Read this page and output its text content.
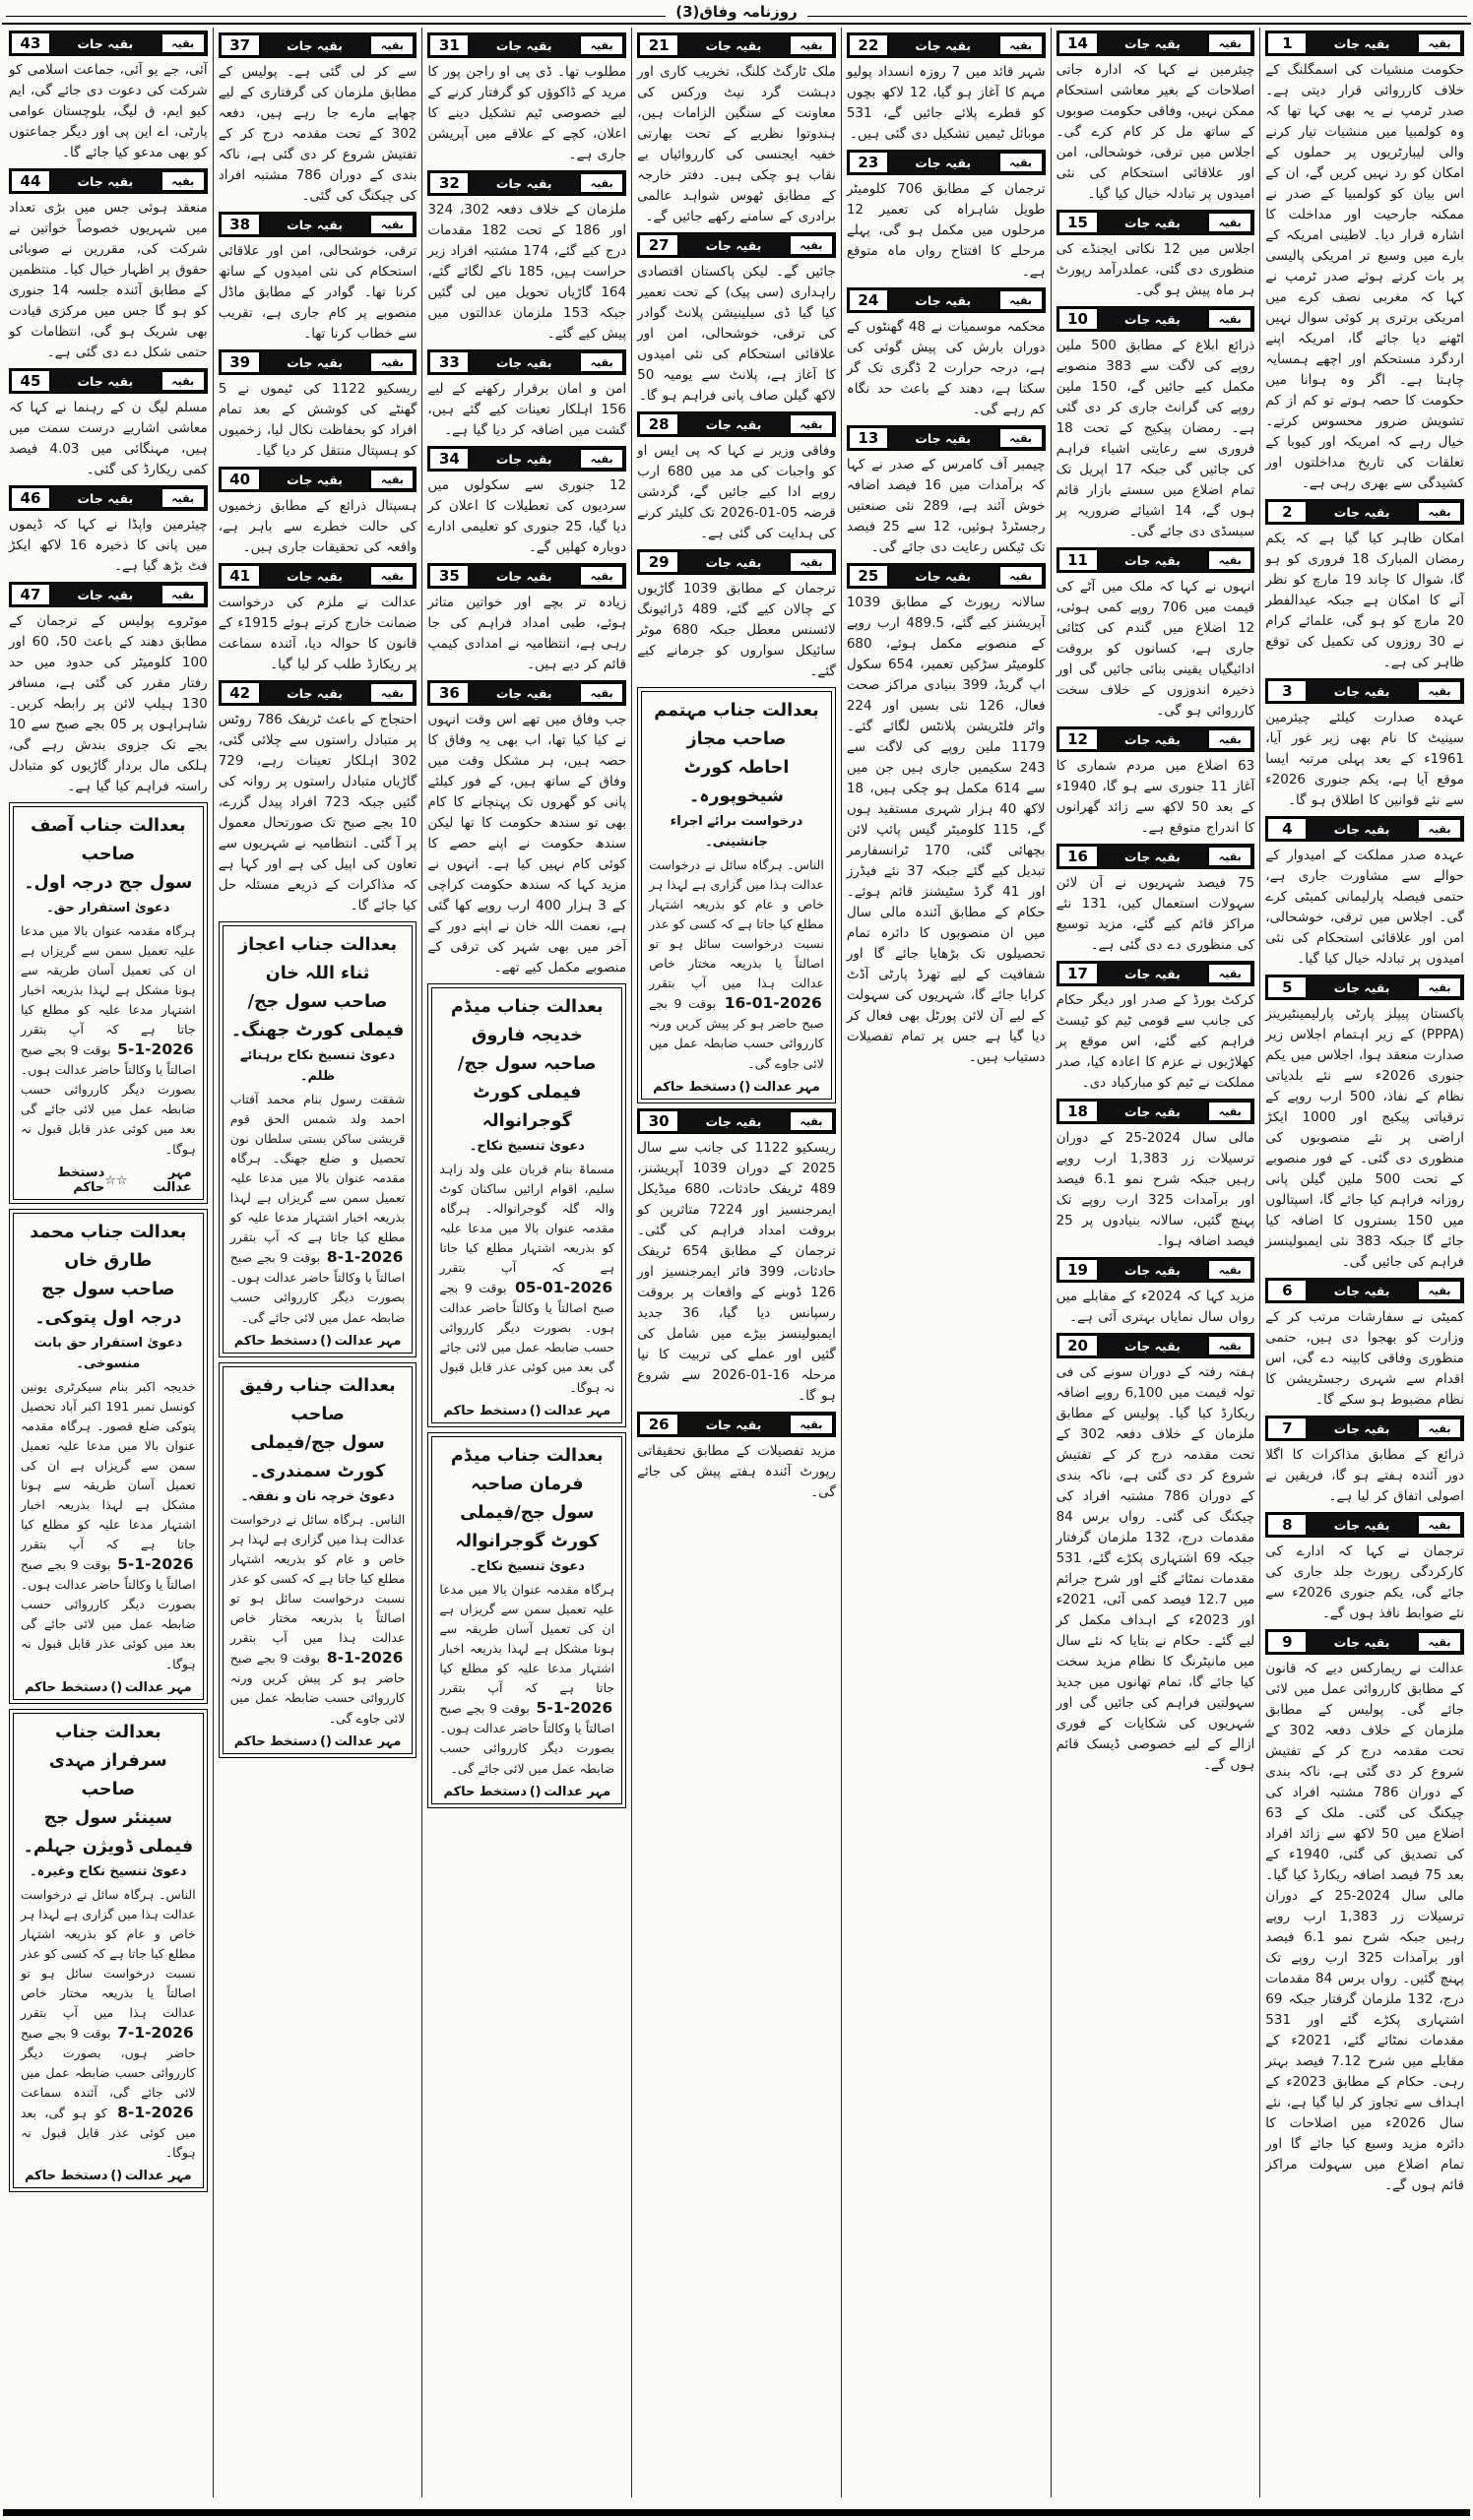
روزنامہ وفاق(3)
1	بقیہ جات	بقیہ

حکومت منشیات کی اسمگلنگ کے خلاف کارروائی قرار دیتی ہے۔ صدر ٹرمپ نے یہ بھی کہا تھا کہ وہ کولمبیا میں منشیات تیار کرنے والی لیبارٹریوں پر حملوں کے امکان کو رد نہیں کریں گے، ان کے اس بیان کو کولمبیا کے صدر نے ممکنہ جارحیت اور مداخلت کا اشارہ قرار دیا۔ لاطینی امریکہ کے بارے میں وسیع تر امریکی پالیسی پر بات کرتے ہوئے صدر ٹرمپ نے کہا کہ مغربی نصف کرے میں امریکی برتری پر کوئی سوال نہیں اٹھنے دیا جائے گا، امریکہ اپنے اردگرد مستحکم اور اچھے ہمسایہ چاہتا ہے۔ اگر وہ ہوانا میں حکومت کا حصہ ہوتے تو کم از کم تشویش ضرور محسوس کرتے۔ خیال رہے کہ امریکہ اور کیوبا کے تعلقات کی تاریخ مداخلتوں اور کشیدگی سے بھری رہی ہے۔

2	بقیہ جات	بقیہ

امکان ظاہر کیا گیا ہے کہ یکم رمضان المبارک 18 فروری کو ہو گا، شوال کا چاند 19 مارچ کو نظر آنے کا امکان ہے جبکہ عیدالفطر 20 مارچ کو ہو گی، علمائے کرام نے 30 روزوں کی تکمیل کی توقع ظاہر کی ہے۔

3	بقیہ جات	بقیہ

عہدہ صدارت کیلئے چیئرمین سینیٹ کا نام بھی زیر غور آیا، 1961ء کے بعد پہلی مرتبہ ایسا موقع آیا ہے، یکم جنوری 2026ء سے نئے قوانین کا اطلاق ہو گا۔

4	بقیہ جات	بقیہ

عہدہ صدر مملکت کے امیدوار کے حوالے سے مشاورت جاری ہے، حتمی فیصلہ پارلیمانی کمیٹی کرے گی۔ اجلاس میں ترقی، خوشحالی، امن اور علاقائی استحکام کی نئی امیدوں پر تبادلہ خیال کیا گیا۔

5	بقیہ جات	بقیہ

پاکستان پیپلز پارٹی پارلیمینٹیرینز (PPPA) کے زیر اہتمام اجلاس زیر صدارت منعقد ہوا، اجلاس میں یکم جنوری 2026ء سے نئے بلدیاتی نظام کے نفاذ، 500 ارب روپے کے ترقیاتی پیکیج اور 1000 ایکڑ اراضی پر نئے منصوبوں کی منظوری دی گئی۔ کے فور منصوبے کے تحت 500 ملین گیلن پانی روزانہ فراہم کیا جائے گا، اسپتالوں میں 150 بستروں کا اضافہ کیا جائے گا جبکہ 383 نئی ایمبولینسز فراہم کی جائیں گی۔

6	بقیہ جات	بقیہ

کمیٹی نے سفارشات مرتب کر کے وزارت کو بھجوا دی ہیں، حتمی منظوری وفاقی کابینہ دے گی، اس اقدام سے شہری رجسٹریشن کا نظام مضبوط ہو سکے گا۔

7	بقیہ جات	بقیہ

ذرائع کے مطابق مذاکرات کا اگلا دور آئندہ ہفتے ہو گا، فریقین نے اصولی اتفاق کر لیا ہے۔

8	بقیہ جات	بقیہ

ترجمان نے کہا کہ ادارے کی کارکردگی رپورٹ جلد جاری کی جائے گی، یکم جنوری 2026ء سے نئے ضوابط نافذ ہوں گے۔

9	بقیہ جات	بقیہ

عدالت نے ریمارکس دیے کہ قانون کے مطابق کارروائی عمل میں لائی جائے گی۔ پولیس کے مطابق ملزمان کے خلاف دفعہ 302 کے تحت مقدمہ درج کر کے تفتیش شروع کر دی گئی ہے، ناکہ بندی کے دوران 786 مشتبہ افراد کی چیکنگ کی گئی۔ ملک کے 63 اضلاع میں 50 لاکھ سے زائد افراد کی تصدیق کی گئی، 1940ء کے بعد 75 فیصد اضافہ ریکارڈ کیا گیا۔ مالی سال 2024-25 کے دوران ترسیلات زر 1,383 ارب روپے رہیں جبکہ شرح نمو 6.1 فیصد اور برآمدات 325 ارب روپے تک پہنچ گئیں۔ رواں برس 84 مقدمات درج، 132 ملزمان گرفتار جبکہ 69 اشتہاری پکڑے گئے اور 531 مقدمات نمٹائے گئے، 2021ء کے مقابلے میں شرح 7.12 فیصد بہتر رہی۔ حکام کے مطابق 2023ء کے اہداف سے تجاوز کر لیا گیا ہے، نئے سال 2026ء میں اصلاحات کا دائرہ مزید وسیع کیا جائے گا اور تمام اضلاع میں سہولت مراکز قائم ہوں گے۔

14	بقیہ جات	بقیہ

چیئرمین نے کہا کہ ادارہ جاتی اصلاحات کے بغیر معاشی استحکام ممکن نہیں، وفاقی حکومت صوبوں کے ساتھ مل کر کام کرے گی۔ اجلاس میں ترقی، خوشحالی، امن اور علاقائی استحکام کی نئی امیدوں پر تبادلہ خیال کیا گیا۔

15	بقیہ جات	بقیہ

اجلاس میں 12 نکاتی ایجنڈے کی منظوری دی گئی، عملدرآمد رپورٹ ہر ماہ پیش ہو گی۔

10	بقیہ جات	بقیہ

ذرائع ابلاغ کے مطابق 500 ملین روپے کی لاگت سے 383 منصوبے مکمل کیے جائیں گے، 150 ملین روپے کی گرانٹ جاری کر دی گئی ہے۔ رمضان پیکیج کے تحت 18 فروری سے رعایتی اشیاء فراہم کی جائیں گی جبکہ 17 اپریل تک تمام اضلاع میں سستے بازار قائم ہوں گے، 14 اشیائے ضروریہ پر سبسڈی دی جائے گی۔

11	بقیہ جات	بقیہ

انہوں نے کہا کہ ملک میں آٹے کی قیمت میں 706 روپے کمی ہوئی، 12 اضلاع میں گندم کی کٹائی جاری ہے، کسانوں کو بروقت ادائیگیاں یقینی بنائی جائیں گی اور ذخیرہ اندوزوں کے خلاف سخت کارروائی ہو گی۔

12	بقیہ جات	بقیہ

63 اضلاع میں مردم شماری کا آغاز 11 جنوری سے ہو گا، 1940ء کے بعد 50 لاکھ سے زائد گھرانوں کا اندراج متوقع ہے۔

16	بقیہ جات	بقیہ

75 فیصد شہریوں نے آن لائن سہولات استعمال کیں، 131 نئے مراکز قائم کیے گئے، مزید توسیع کی منظوری دے دی گئی ہے۔

17	بقیہ جات	بقیہ

کرکٹ بورڈ کے صدر اور دیگر حکام کی جانب سے قومی ٹیم کو ٹیسٹ فراہم کیے گئے، اس موقع پر کھلاڑیوں نے عزم کا اعادہ کیا، صدر مملکت نے ٹیم کو مبارکباد دی۔

18	بقیہ جات	بقیہ

مالی سال 2024-25 کے دوران ترسیلات زر 1,383 ارب روپے رہیں جبکہ شرح نمو 6.1 فیصد اور برآمدات 325 ارب روپے تک پہنچ گئیں، سالانہ بنیادوں پر 25 فیصد اضافہ ہوا۔

19	بقیہ جات	بقیہ

مزید کہا کہ 2024ء کے مقابلے میں رواں سال نمایاں بہتری آئی ہے۔

20	بقیہ جات	بقیہ

ہفتہ رفتہ کے دوران سونے کی فی تولہ قیمت میں 6,100 روپے اضافہ ریکارڈ کیا گیا۔ پولیس کے مطابق ملزمان کے خلاف دفعہ 302 کے تحت مقدمہ درج کر کے تفتیش شروع کر دی گئی ہے، ناکہ بندی کے دوران 786 مشتبہ افراد کی چیکنگ کی گئی۔ رواں برس 84 مقدمات درج، 132 ملزمان گرفتار جبکہ 69 اشتہاری پکڑے گئے، 531 مقدمات نمٹائے گئے اور شرح جرائم میں 12.7 فیصد کمی آئی، 2021ء اور 2023ء کے اہداف مکمل کر لیے گئے۔ حکام نے بتایا کہ نئے سال میں مانیٹرنگ کا نظام مزید سخت کیا جائے گا، تمام تھانوں میں جدید سہولتیں فراہم کی جائیں گی اور شہریوں کی شکایات کے فوری ازالے کے لیے خصوصی ڈیسک قائم ہوں گے۔

22	بقیہ جات	بقیہ

شہر قائد میں 7 روزہ انسداد پولیو مہم کا آغاز ہو گیا، 12 لاکھ بچوں کو قطرے پلائے جائیں گے، 531 موبائل ٹیمیں تشکیل دی گئی ہیں۔

23	بقیہ جات	بقیہ

ترجمان کے مطابق 706 کلومیٹر طویل شاہراہ کی تعمیر 12 مرحلوں میں مکمل ہو گی، پہلے مرحلے کا افتتاح رواں ماہ متوقع ہے۔

24	بقیہ جات	بقیہ

محکمہ موسمیات نے 48 گھنٹوں کے دوران بارش کی پیش گوئی کی ہے، درجہ حرارت 2 ڈگری تک گر سکتا ہے، دھند کے باعث حد نگاہ کم رہے گی۔

13	بقیہ جات	بقیہ

چیمبر آف کامرس کے صدر نے کہا کہ برآمدات میں 16 فیصد اضافہ خوش آئند ہے، 289 نئی صنعتیں رجسٹرڈ ہوئیں، 12 سے 25 فیصد تک ٹیکس رعایت دی جائے گی۔

25	بقیہ جات	بقیہ

سالانہ رپورٹ کے مطابق 1039 آپریشنز کیے گئے، 489.5 ارب روپے کے منصوبے مکمل ہوئے، 680 کلومیٹر سڑکیں تعمیر، 654 سکول اپ گریڈ، 399 بنیادی مراکز صحت فعال، 126 نئی بسیں اور 224 واٹر فلٹریشن پلانٹس لگائے گئے۔ 1179 ملین روپے کی لاگت سے 243 سکیمیں جاری ہیں جن میں سے 614 مکمل ہو چکی ہیں، 18 لاکھ 40 ہزار شہری مستفید ہوں گے، 115 کلومیٹر گیس پائپ لائن بچھائی گئی، 170 ٹرانسفارمر تبدیل کیے گئے جبکہ 37 نئے فیڈرز اور 41 گرڈ سٹیشنز قائم ہوئے۔ حکام کے مطابق آئندہ مالی سال میں ان منصوبوں کا دائرہ تمام تحصیلوں تک بڑھایا جائے گا اور شفافیت کے لیے تھرڈ پارٹی آڈٹ کرایا جائے گا، شہریوں کی سہولت کے لیے آن لائن پورٹل بھی فعال کر دیا گیا ہے جس پر تمام تفصیلات دستیاب ہیں۔

21	بقیہ جات	بقیہ

ملک ٹارگٹ کلنگ، تخریب کاری اور دہشت گرد نیٹ ورکس کی معاونت کے سنگین الزامات ہیں، ہندوتوا نظریے کے تحت بھارتی خفیہ ایجنسی کی کارروائیاں بے نقاب ہو چکی ہیں۔ دفتر خارجہ کے مطابق ٹھوس شواہد عالمی برادری کے سامنے رکھے جائیں گے۔

27	بقیہ جات	بقیہ

جائیں گے۔ لیکن پاکستان اقتصادی راہداری (سی پیک) کے تحت تعمیر کیا گیا ڈی سیلینیشن پلانٹ گوادر کی ترقی، خوشحالی، امن اور علاقائی استحکام کی نئی امیدوں کا آغاز ہے، پلانٹ سے یومیہ 50 لاکھ گیلن صاف پانی فراہم ہو گا۔

28	بقیہ جات	بقیہ

وفاقی وزیر نے کہا کہ پی ایس او کو واجبات کی مد میں 680 ارب روپے ادا کیے جائیں گے، گردشی قرضہ 05-01-2026 تک کلیئر کرنے کی ہدایت کی گئی ہے۔

29	بقیہ جات	بقیہ

ترجمان کے مطابق 1039 گاڑیوں کے چالان کیے گئے، 489 ڈرائیونگ لائسنس معطل جبکہ 680 موٹر سائیکل سواروں کو جرمانے کیے گئے۔

بعدالت جناب مہتمم صاحب مجاز
احاطہ کورٹ شیخوپورہ۔
درخواست برائے اجراء جانشینی۔

الناس۔ ہرگاہ سائل نے درخواست عدالت ہذا میں گزاری ہے لہذا ہر خاص و عام کو بذریعہ اشتہار مطلع کیا جاتا ہے کہ کسی کو عذر نسبت درخواست سائل ہو تو اصالتاً یا بذریعہ مختار خاص عدالت ہذا میں آپ بتقرر 16-01-2026 بوقت 9 بجے صبح حاضر ہو کر پیش کریں ورنہ کارروائی حسب ضابطہ عمل میں لائی جاوے گی۔

مہر عدالت
()
دستخط حاکم
30	بقیہ جات	بقیہ

ریسکیو 1122 کی جانب سے سال 2025 کے دوران 1039 آپریشنز، 489 ٹریفک حادثات، 680 میڈیکل ایمرجنسیز اور 7224 متاثرین کو بروقت امداد فراہم کی گئی۔ ترجمان کے مطابق 654 ٹریفک حادثات، 399 فائر ایمرجنسیز اور 126 ڈوبنے کے واقعات پر بروقت رسپانس دیا گیا، 36 جدید ایمبولینسز بیڑے میں شامل کی گئیں اور عملے کی تربیت کا نیا مرحلہ 16-01-2026 سے شروع ہو گا۔

26	بقیہ جات	بقیہ

مزید تفصیلات کے مطابق تحقیقاتی رپورٹ آئندہ ہفتے پیش کی جائے گی۔

31	بقیہ جات	بقیہ

مطلوب تھا۔ ڈی پی او راجن پور کا مرید کے ڈاکوؤں کو گرفتار کرنے کے لیے خصوصی ٹیم تشکیل دینے کا اعلان، کچے کے علاقے میں آپریشن جاری ہے۔

32	بقیہ جات	بقیہ

ملزمان کے خلاف دفعہ 302، 324 اور 186 کے تحت 182 مقدمات درج کیے گئے، 174 مشتبہ افراد زیر حراست ہیں، 185 ناکے لگائے گئے، 164 گاڑیاں تحویل میں لی گئیں جبکہ 153 ملزمان عدالتوں میں پیش کیے گئے۔

33	بقیہ جات	بقیہ

امن و امان برقرار رکھنے کے لیے 156 اہلکار تعینات کیے گئے ہیں، گشت میں اضافہ کر دیا گیا ہے۔

34	بقیہ جات	بقیہ

12 جنوری سے سکولوں میں سردیوں کی تعطیلات کا اعلان کر دیا گیا، 25 جنوری کو تعلیمی ادارے دوبارہ کھلیں گے۔

35	بقیہ جات	بقیہ

زیادہ تر بچے اور خواتین متاثر ہوئے، طبی امداد فراہم کی جا رہی ہے، انتظامیہ نے امدادی کیمپ قائم کر دیے ہیں۔

36	بقیہ جات	بقیہ

جب وفاق میں تھے اس وقت انہوں نے کیا کیا تھا، اب بھی یہ وفاق کا حصہ ہیں، ہر مشکل وقت میں وفاق کے ساتھ ہیں، کے فور کیلئے پانی کو گھروں تک پہنچانے کا کام بھی تو سندھ حکومت کا تھا لیکن سندھ حکومت نے اپنے حصے کا کوئی کام نہیں کیا ہے۔ انہوں نے مزید کہا کہ سندھ حکومت کراچی کے 3 ہزار 400 ارب روپے کھا گئی ہے، نعمت اللہ خان نے اپنے دور کے آخر میں بھی شہر کی ترقی کے منصوبے مکمل کیے تھے۔

بعدالت جناب میڈم خدیجہ فاروق
صاحبہ سول جج/فیملی کورٹ گوجرانوالہ
دعویٰ تنسیخ نکاح۔

مسماۃ بنام قربان علی ولد زاہد سلیم، اقوام ارائیں ساکنان کوٹ والہ گلہ گوجرانوالہ۔ ہرگاہ مقدمہ عنوان بالا میں مدعا علیہ کو بذریعہ اشتہار مطلع کیا جاتا ہے کہ آپ بتقرر 05-01-2026 بوقت 9 بجے صبح اصالتاً یا وکالتاً حاضر عدالت ہوں۔ بصورت دیگر کارروائی حسب ضابطہ عمل میں لائی جائے گی بعد میں کوئی عذر قابل قبول نہ ہوگا۔

مہر عدالت
()
دستخط حاکم
بعدالت جناب میڈم فرمان صاحبہ
سول جج/فیملی کورٹ گوجرانوالہ
دعویٰ تنسیخ نکاح۔

ہرگاہ مقدمہ عنوان بالا میں مدعا علیہ تعمیل سمن سے گریزاں ہے ان کی تعمیل آسان طریقہ سے ہونا مشکل ہے لہذا بذریعہ اخبار اشتہار مدعا علیہ کو مطلع کیا جاتا ہے کہ آپ بتقرر 5-1-2026 بوقت 9 بجے صبح اصالتاً یا وکالتاً حاضر عدالت ہوں۔ بصورت دیگر کارروائی حسب ضابطہ عمل میں لائی جائے گی۔

مہر عدالت
()
دستخط حاکم

37	بقیہ جات	بقیہ

سے کر لی گئی ہے۔ پولیس کے مطابق ملزمان کی گرفتاری کے لیے چھاپے مارے جا رہے ہیں، دفعہ 302 کے تحت مقدمہ درج کر کے تفتیش شروع کر دی گئی ہے، ناکہ بندی کے دوران 786 مشتبہ افراد کی چیکنگ کی گئی۔

38	بقیہ جات	بقیہ

ترقی، خوشحالی، امن اور علاقائی استحکام کی نئی امیدوں کے ساتھ کرنا تھا۔ گوادر کے مطابق ماڈل منصوبے پر کام جاری ہے، تقریب سے خطاب کرنا تھا۔

39	بقیہ جات	بقیہ

ریسکیو 1122 کی ٹیموں نے 5 گھنٹے کی کوشش کے بعد تمام افراد کو بحفاظت نکال لیا، زخمیوں کو ہسپتال منتقل کر دیا گیا۔

40	بقیہ جات	بقیہ

ہسپتال ذرائع کے مطابق زخمیوں کی حالت خطرے سے باہر ہے، واقعہ کی تحقیقات جاری ہیں۔

41	بقیہ جات	بقیہ

عدالت نے ملزم کی درخواست ضمانت خارج کرتے ہوئے 1915ء کے قانون کا حوالہ دیا، آئندہ سماعت پر ریکارڈ طلب کر لیا گیا۔

42	بقیہ جات	بقیہ

احتجاج کے باعث ٹریفک 786 روٹس پر متبادل راستوں سے چلائی گئی، 302 اہلکار تعینات رہے، 729 گاڑیاں متبادل راستوں پر روانہ کی گئیں جبکہ 723 افراد پیدل گزرے، 10 بجے صبح تک صورتحال معمول پر آ گئی۔ انتظامیہ نے شہریوں سے تعاون کی اپیل کی ہے اور کہا ہے کہ مذاکرات کے ذریعے مسئلہ حل کیا جائے گا۔

بعدالت جناب اعجاز ثناء اللہ خان
صاحب سول جج/فیملی کورٹ جھنگ۔
دعویٰ تنسیخ نکاح برہنائے ظلم۔

شفقت رسول بنام محمد آفتاب احمد ولد شمس الحق قوم قریشی ساکن بستی سلطان نون تحصیل و ضلع جھنگ۔ ہرگاہ مقدمہ عنوان بالا میں مدعا علیہ تعمیل سمن سے گریزاں ہے لہذا بذریعہ اخبار اشتہار مدعا علیہ کو مطلع کیا جاتا ہے کہ آپ بتقرر 8-1-2026 بوقت 9 بجے صبح اصالتاً یا وکالتاً حاضر عدالت ہوں۔ بصورت دیگر کارروائی حسب ضابطہ عمل میں لائی جائے گی۔

مہر عدالت
()
دستخط حاکم
بعدالت جناب رفیق صاحب
سول جج/فیملی کورٹ سمندری۔
دعویٰ خرچہ نان و نفقہ۔

الناس۔ ہرگاہ سائل نے درخواست عدالت ہذا میں گزاری ہے لہذا ہر خاص و عام کو بذریعہ اشتہار مطلع کیا جاتا ہے کہ کسی کو عذر نسبت درخواست سائل ہو تو اصالتاً یا بذریعہ مختار خاص عدالت ہذا میں آپ بتقرر 8-1-2026 بوقت 9 بجے صبح حاضر ہو کر پیش کریں ورنہ کارروائی حسب ضابطہ عمل میں لائی جاوے گی۔

مہر عدالت
()
دستخط حاکم
43	بقیہ جات	بقیہ

آئی، جے یو آئی، جماعت اسلامی کو شرکت کی دعوت دی جائے گی، ایم کیو ایم، ق لیگ، بلوچستان عوامی پارٹی، اے این پی اور دیگر جماعتوں کو بھی مدعو کیا جائے گا۔

44	بقیہ جات	بقیہ

منعقد ہوئی جس میں بڑی تعداد میں شہریوں خصوصاً خواتین نے شرکت کی، مقررین نے صوبائی حقوق پر اظہار خیال کیا۔ منتظمین کے مطابق آئندہ جلسہ 14 جنوری کو ہو گا جس میں مرکزی قیادت بھی شریک ہو گی، انتظامات کو حتمی شکل دے دی گئی ہے۔

45	بقیہ جات	بقیہ

مسلم لیگ ن کے رہنما نے کہا کہ معاشی اشاریے درست سمت میں ہیں، مہنگائی میں 4.03 فیصد کمی ریکارڈ کی گئی۔

46	بقیہ جات	بقیہ

چیئرمین واپڈا نے کہا کہ ڈیموں میں پانی کا ذخیرہ 16 لاکھ ایکڑ فٹ بڑھ گیا ہے۔

47	بقیہ جات	بقیہ

موٹروے پولیس کے ترجمان کے مطابق دھند کے باعث 50، 60 اور 100 کلومیٹر کی حدود میں حد رفتار مقرر کی گئی ہے، مسافر 130 ہیلپ لائن پر رابطہ کریں۔ شاہراہوں پر 05 بجے صبح سے 10 بجے تک جزوی بندش رہے گی، ہلکی مال بردار گاڑیوں کو متبادل راستہ فراہم کیا گیا ہے۔

بعدالت جناب آصف صاحب
سول جج درجہ اول۔
دعویٰ استقرار حق۔

ہرگاہ مقدمہ عنوان بالا میں مدعا علیہ تعمیل سمن سے گریزاں ہے ان کی تعمیل آسان طریقہ سے ہونا مشکل ہے لہذا بذریعہ اخبار اشتہار مدعا علیہ کو مطلع کیا جاتا ہے کہ آپ بتقرر 5-1-2026 بوقت 9 بجے صبح اصالتاً یا وکالتاً حاضر عدالت ہوں۔ بصورت دیگر کارروائی حسب ضابطہ عمل میں لائی جائے گی بعد میں کوئی عذر قابل قبول نہ ہوگا۔

مہر عدالت
☆☆
دستخط حاکم
بعدالت جناب محمد طارق خاں
صاحب سول جج درجہ اول پتوکی۔
دعویٰ استقرار حق بابت منسوخی۔

خدیجہ اکبر بنام سیکرٹری یونین کونسل نمبر 191 اکبر آباد تحصیل پتوکی ضلع قصور۔ ہرگاہ مقدمہ عنوان بالا میں مدعا علیہ تعمیل سمن سے گریزاں ہے ان کی تعمیل آسان طریقہ سے ہونا مشکل ہے لہذا بذریعہ اخبار اشتہار مدعا علیہ کو مطلع کیا جاتا ہے کہ آپ بتقرر 5-1-2026 بوقت 9 بجے صبح اصالتاً یا وکالتاً حاضر عدالت ہوں۔ بصورت دیگر کارروائی حسب ضابطہ عمل میں لائی جائے گی بعد میں کوئی عذر قابل قبول نہ ہوگا۔

مہر عدالت
()
دستخط حاکم
بعدالت جناب سرفراز مہدی صاحب
سینئر سول جج فیملی ڈویژن جہلم۔
دعویٰ تنسیخ نکاح وغیرہ۔

الناس۔ ہرگاہ سائل نے درخواست عدالت ہذا میں گزاری ہے لہذا ہر خاص و عام کو بذریعہ اشتہار مطلع کیا جاتا ہے کہ کسی کو عذر نسبت درخواست سائل ہو تو اصالتاً یا بذریعہ مختار خاص عدالت ہذا میں آپ بتقرر 7-1-2026 بوقت 9 بجے صبح حاضر ہوں، بصورت دیگر کارروائی حسب ضابطہ عمل میں لائی جائے گی، آئندہ سماعت 8-1-2026 کو ہو گی، بعد میں کوئی عذر قابل قبول نہ ہوگا۔

مہر عدالت
()
دستخط حاکم
